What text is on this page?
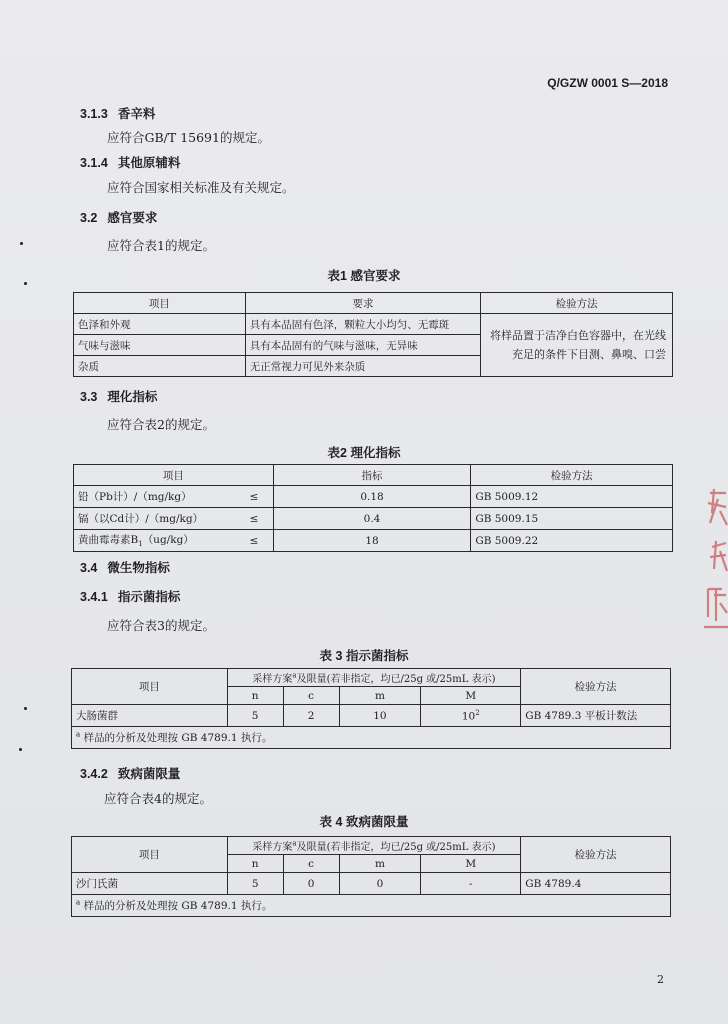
Q/GZW 0001 S—2018
3.1.3 香辛料
应符合GB/T 15691的规定。
3.1.4 其他原辅料
应符合国家相关标准及有关规定。
3.2 感官要求
应符合表1的规定。
表1 感官要求
项目	要求	检验方法
色泽和外观	具有本品固有色泽，颗粒大小均匀、无霉斑	将样品置于洁净白色容器中，在光线充足的条件下目测、鼻嗅、口尝
气味与滋味	具有本品固有的气味与滋味，无异味	
杂质	无正常视力可见外来杂质	
3.3 理化指标
应符合表2的规定。
表2 理化指标
项目		指标	检验方法
铅（Pb计）/（mg/kg）	≤	0.18	GB 5009.12
镉（以Cd计）/（mg/kg）	≤	0.4	GB 5009.15
黄曲霉毒素$B_1(ug/kg)$	≤	18	GB 5009.22
3.4 微生物指标
3.4.1 指示菌指标
应符合表3的规定。
表 3 指示菌指标
项目	采样方案$^a$及限量(若非指定，均已/25g 或/25mL 表示)				检验方法
	n	c	m	M	
大肠菌群	5	2	10	$10^2$	GB 4789.3 平板计数法
$^a$ 样品的分析及处理按 GB 4789.1 执行。					
3.4.2 致病菌限量
应符合表4的规定。
表 4 致病菌限量
项目	采样方案$^a$及限量(若非指定，均已/25g 或/25mL 表示)				检验方法
	n	c	m	M	
沙门氏菌	5	0	0	-	GB 4789.4
$^a$ 样品的分析及处理按 GB 4789.1 执行。					
2
